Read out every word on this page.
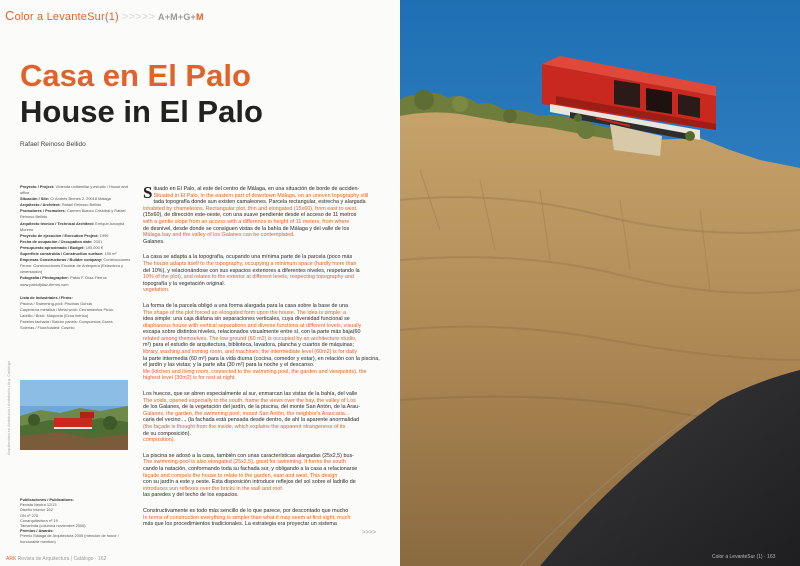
Color a LevanteSur(1) >>>>> A+M+G+M
Casa en El Palo
House in El Palo
Rafael Reinoso Bellido

Proyecto / Project: Vivienda unifamiliar y estudio / House and office

Situación / Site: C/ Andrés Brenes 2. 29018 Málaga

Arquitecto / Architect: Rafael Reinoso Bellido

Promotores / Promoters: Carmen Blanco Cristóbal y Rafael Reinoso Bellido

Arquitecto técnico / Technical Architect: Enrique Azcoytia Moreno

Proyecto de ejecución / Execution Project: 1999

Fecha de ocupación / Occupation date: 2001

Presupuesto aproximado / Budget: 195.000 €

Superficie construida / Construction surface: 150 m²

Empresas Constructoras / Builder company: Construcciones Fernor. Construcciones Escobar de Antequera (Estructura y cimentación)

Fotografía / Photographer: Pablo F. Díaz-Fierros www.pablofjdiaz-fierros.com

Lista de Industriales / Firms:

Piscina / Swimming-pool: Piscinas Gurida

Carpintería metálica / Metal work: Cerramientos Picón

Ladrillo / Brick: Maqueda (Ecoa Ibérica)

Paneles fachada / Balcón panels: Compuestos Gurea

Solerías / Floor/loaded: Cosmio

Arquitectura en Andalucía / Andalucía | Arq. Catálogo

Publicaciones / Publications:

Revista Neutra 12/13

Diseño Interior 162

ON nº 275

Conarquitectura nº 19

Tamarinda (columna noviembre 2006)

Premios / Awards:

Premio Málaga de Arquitectura 2005 (mención de honor / honourable mention)

ARK Revista de Arquitectura | Catálogo · 162
S ituado en El Palo, al este del centro de Málaga, en una situación de borde de acciden-
Situated in El Palo, in the eastern part of downtown Málaga, on an uneven topography still
tada topografía donde aun existen camaleones. Parcela rectangular, estrecha y alargada
inhabited by chameleons. Rectangular plot, thin and elongated (15x60), from east to west.
(15x60), de dirección este-oeste, con una suave pendiente desde el acceso de 11 metros
with a gentle slope from an access with a difference in height of 11 meters, from where
de desnivel, desde donde se consiguen vistas de la bahía de Málaga y del valle de los
Málaga bay and the valley of los Galanes can be contemplated.
Galanes.
La casa se adapta a la topografía, ocupando una mínima parte de la parcela (poco más
The house adapts itself to the topography, occupying a minimum space (hardly more than
del 10%), y relacionándose con sus espacios exteriores a diferentes niveles, respetando la
10% of the plot), and relates to the exterior at different levels, respecting topography and
topografía y la vegetación original.
vegetation.
La forma de la parcela obligó a una forma alargada para la casa sobre la base de una
The shape of the plot forced an elongated form upon the house. The idea is simple: a
idea simple: una caja diáfana sin separaciones verticales, cuya diversidad funcional se
diaphanous house with vertical separations and diverse functions at different levels, visually
escapa sobre distintos niveles, relacionados visualmente entre sí, con la parte más baja(60
related among themselves. The low ground (60 m2) is occupied by an architecture studio,
m²) para el estudio de arquitectura, biblioteca, lavadora, plancha y cuartos de máquinas;
library, washing and ironing room, and machines; the intermediate level (60m2) is for daily
la parte intermedia (60 m²) para la vida diurna (cocina, comedor y estar), en relación con la piscina, el jardín y las vistas; y la parte alta (30 m²) para la noche y el descanso.
life (kitchen and living room, connected to the swimming pool, the garden and viewpoints), the highest level (30m2) is for rest at night.
Los huecos, que se abren especialmente al sur, enmarcan las vistas de la bahía, del valle
The voids, opened especially to the south, frame the views over the bay, the valley of Los
de los Galanes, de la vegetación del jardín, de la piscina, del monte San Antón, de la Arau-
Galanes, the garden, the swimming pool, mount San Antón, the neighbor's Araucaria...
caria del vecino..., (la fachada está pensada desde dentro, de ahí la aparente anormalidad
(the façade is thought from the inside, which explains the apparent strangeness of its
de su composición).
composition).
La piscina se adosó a la casa, también con unas características alargadas (25x2,5) bus-
The swimming-pool is also elongated (25x2,5), good for swimming. It forms the south
cando la natación, conformando toda su fachada sur, y obligando a la casa a relacionarse
façade and compels the house to relate to the garden, east and west. This design
con su jardín a este y oeste. Esta disposición introduce reflejos del sol sobre el ladrillo de
introduces sun reflexes over the bricks in the wall and roof.
las paredes y del techo de los espacios.
Constructivamente es todo más sencillo de lo que parece, por descontado que mucho
In terms of construction everything is simpler than what it may seem at first sight, much
más que los procedimientos tradicionales. La estrategia era proyectar un sistema
>>>>
Color a LevanteSur (1) · 163
